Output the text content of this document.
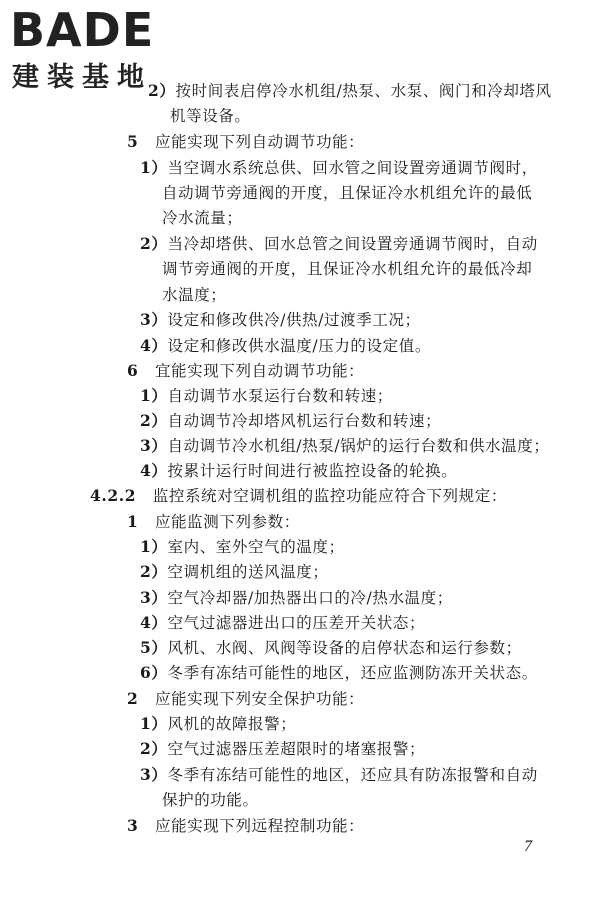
BADE
建装基地
2）按时间表启停冷水机组/热泵、水泵、阀门和冷却塔风
机等设备。
5 应能实现下列自动调节功能：
1）当空调水系统总供、回水管之间设置旁通调节阀时，
自动调节旁通阀的开度，且保证冷水机组允许的最低
冷水流量；
2）当冷却塔供、回水总管之间设置旁通调节阀时，自动
调节旁通阀的开度，且保证冷水机组允许的最低冷却
水温度；
3）设定和修改供冷/供热/过渡季工况；
4）设定和修改供水温度/压力的设定值。
6 宜能实现下列自动调节功能：
1）自动调节水泵运行台数和转速；
2）自动调节冷却塔风机运行台数和转速；
3）自动调节冷水机组/热泵/锅炉的运行台数和供水温度；
4）按累计运行时间进行被监控设备的轮换。
4.2.2 监控系统对空调机组的监控功能应符合下列规定：
1 应能监测下列参数：
1）室内、室外空气的温度；
2）空调机组的送风温度；
3）空气冷却器/加热器出口的冷/热水温度；
4）空气过滤器进出口的压差开关状态；
5）风机、水阀、风阀等设备的启停状态和运行参数；
6）冬季有冻结可能性的地区，还应监测防冻开关状态。
2 应能实现下列安全保护功能：
1）风机的故障报警；
2）空气过滤器压差超限时的堵塞报警；
3）冬季有冻结可能性的地区，还应具有防冻报警和自动
保护的功能。
3 应能实现下列远程控制功能：
7
